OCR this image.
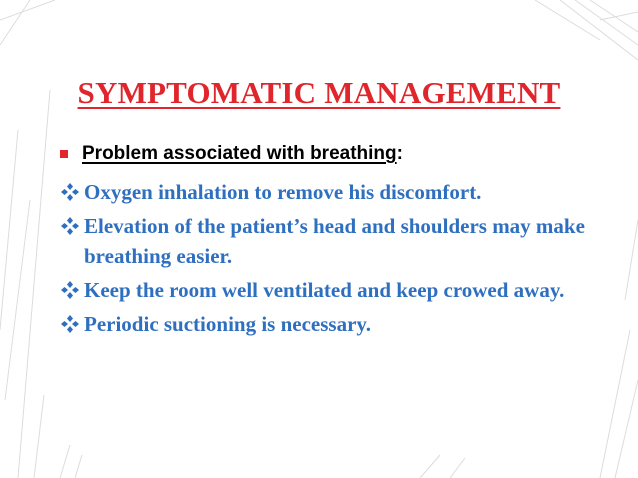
SYMPTOMATIC MANAGEMENT
Problem associated with breathing :
Oxygen inhalation to remove his discomfort.
Elevation of the patient’s head and shoulders may make breathing easier.
Keep the room well ventilated and keep crowed away.
Periodic suctioning is necessary.
